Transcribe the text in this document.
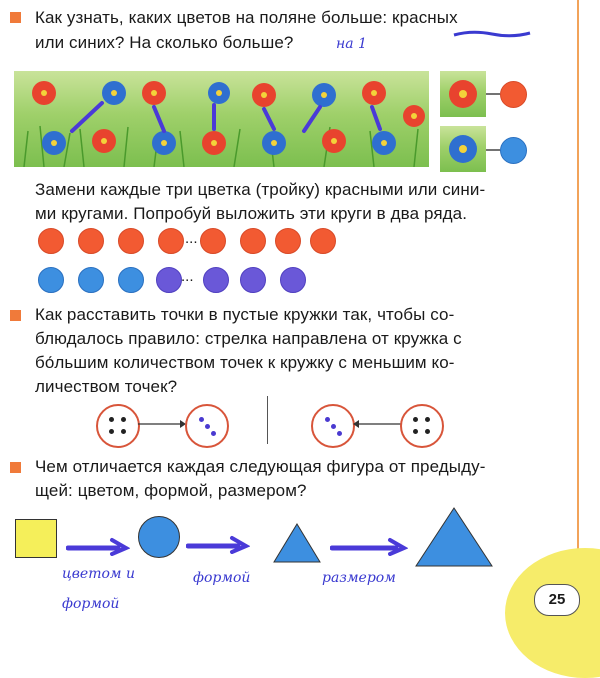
Как узнать, каких цветов на поляне больше: красных
или синих? На сколько больше?	на 1
Замени каждые три цветка (тройку) красными или сини-
ми кругами. Попробуй выложить эти круги в два ряда.
...
...
Как расставить точки в пустые кружки так, чтобы со-
блюдалось правило: стрелка направлена от кружка с
бо́льшим количеством точек к кружку с меньшим ко-
личеством точек?
Чем отличается каждая следующая фигура от предыду-
щей: цветом, формой, размером?
цветом и
формой
формой	размером
25
